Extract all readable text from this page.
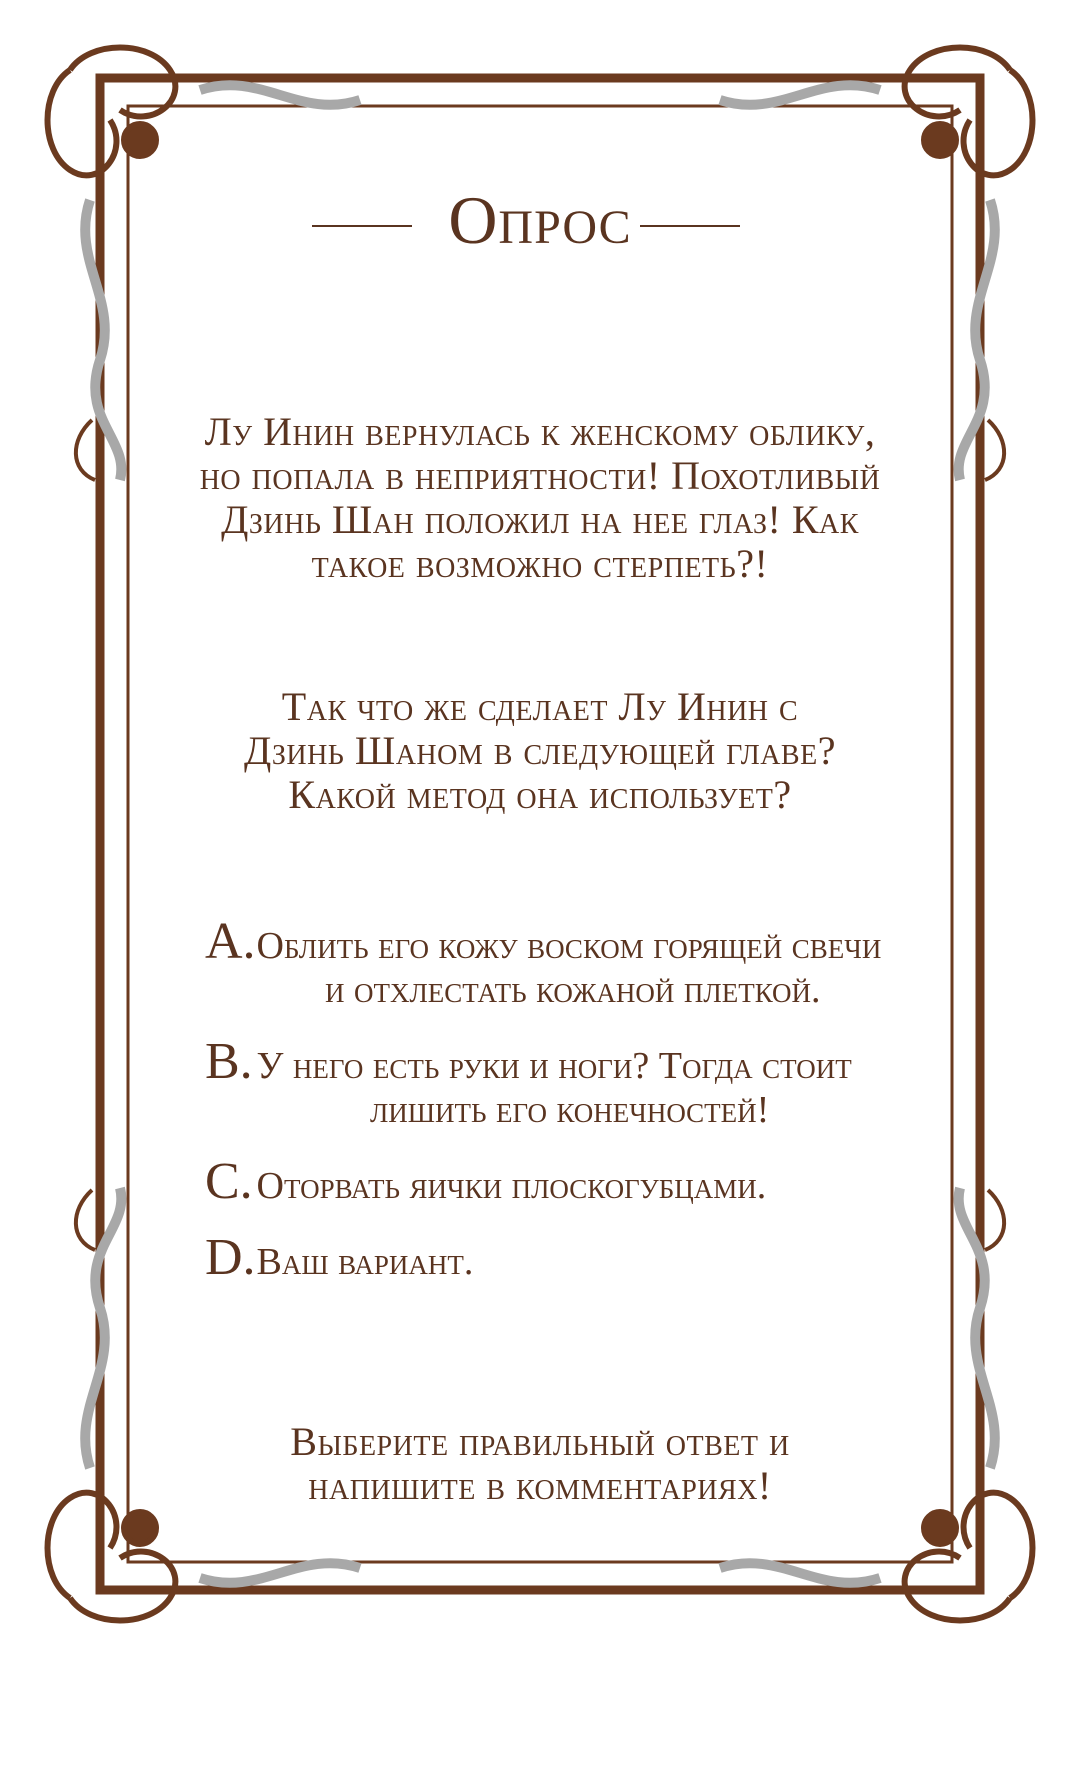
Опрос
Лу Инин вернулась к женскому облику,
но попала в неприятности! Похотливый
Дзинь Шан положил на нее глаз! Как
такое возможно стерпеть?!
Так что же сделает Лу Инин с
Дзинь Шаном в следующей главе?
Какой метод она использует?
A. Облить его кожу воском горящей свечи
и отхлестать кожаной плеткой.
B. У него есть руки и ноги? Тогда стоит
лишить его конечностей!
C. Оторвать яички плоскогубцами.
D. Ваш вариант.
Выберите правильный ответ и
напишите в комментариях!
